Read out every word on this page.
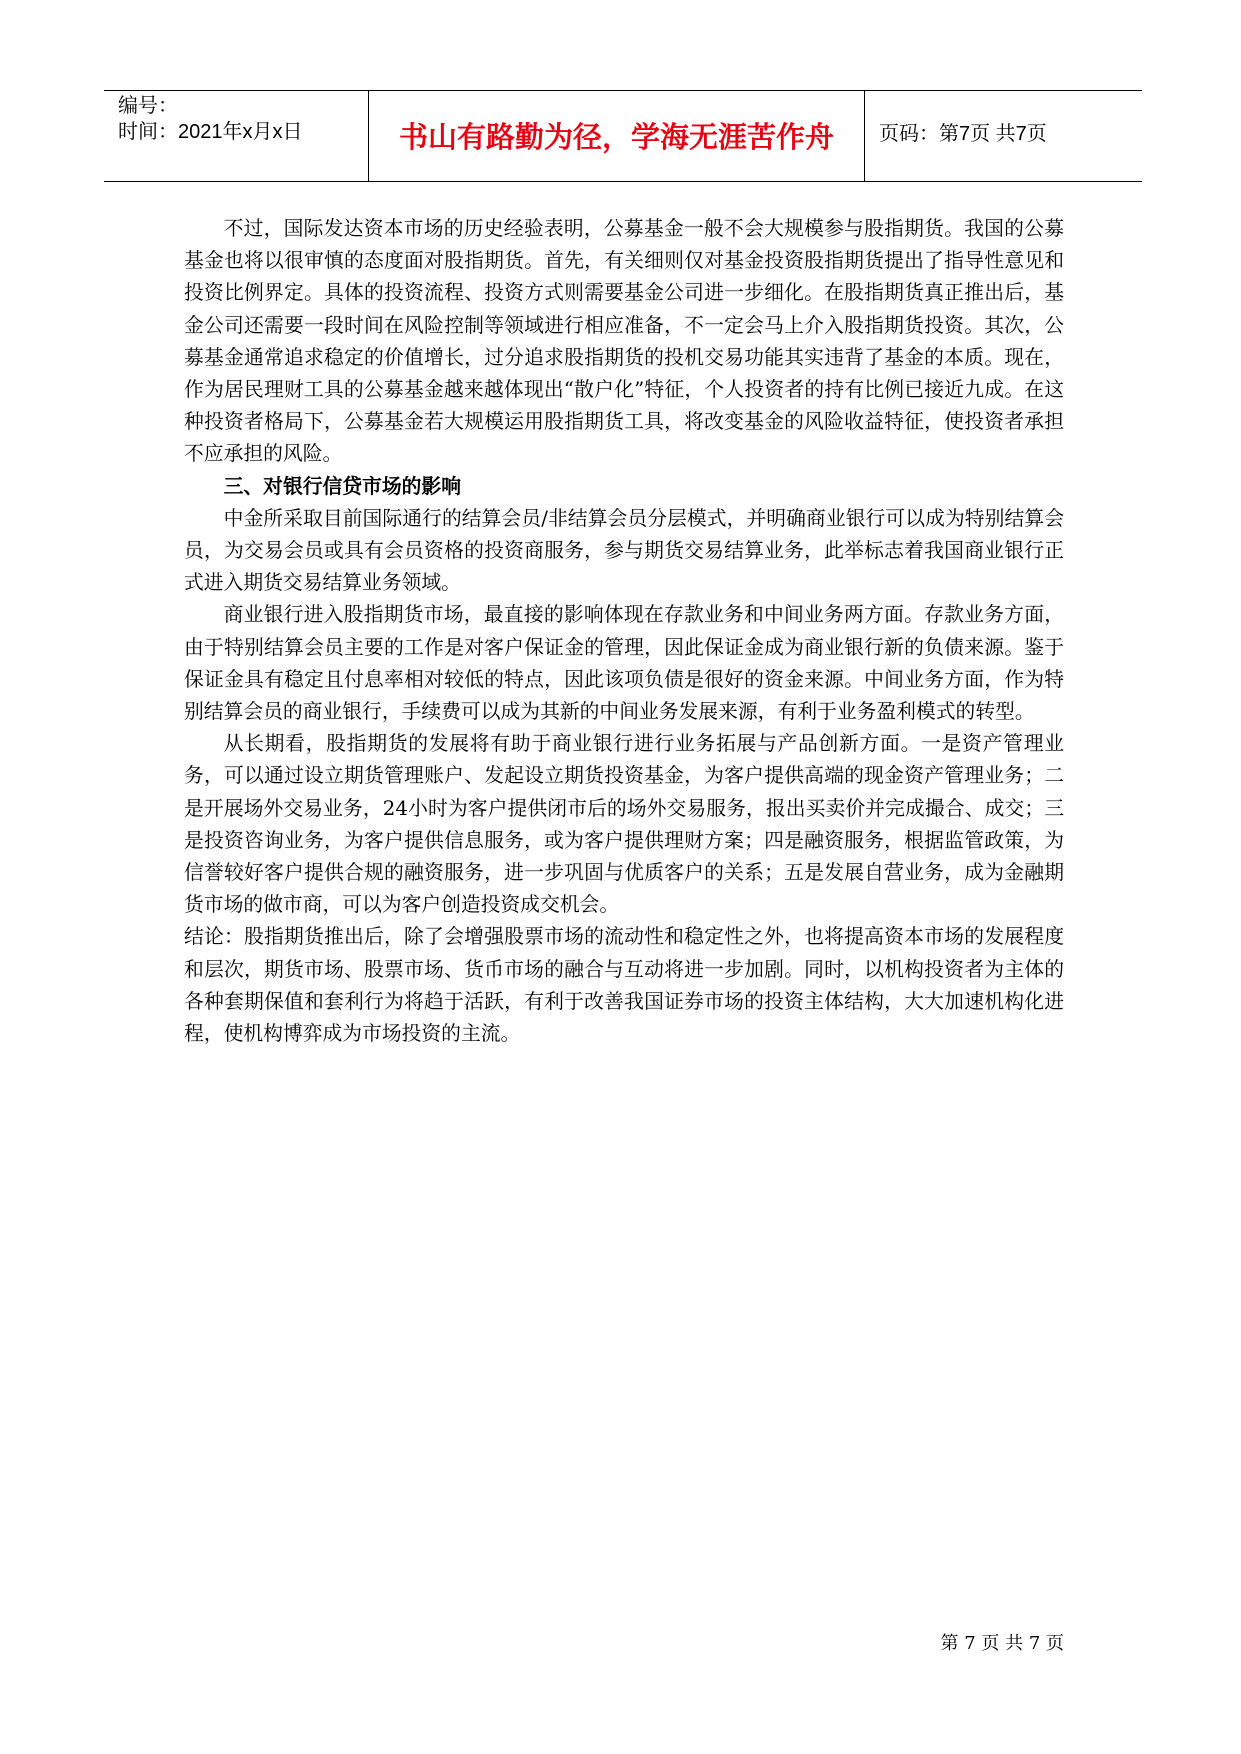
编号：
时间：2021年x月x日	书山有路勤为径，学海无涯苦作舟	页码：第7页 共7页

不过，国际发达资本市场的历史经验表明，公募基金一般不会大规模参与股指期货。我国的公募基金也将以很审慎的态度面对股指期货。首先，有关细则仅对基金投资股指期货提出了指导性意见和投资比例界定。具体的投资流程、投资方式则需要基金公司进一步细化。在股指期货真正推出后，基金公司还需要一段时间在风险控制等领域进行相应准备，不一定会马上介入股指期货投资。其次，公募基金通常追求稳定的价值增长，过分追求股指期货的投机交易功能其实违背了基金的本质。现在，作为居民理财工具的公募基金越来越体现出“散户化”特征，个人投资者的持有比例已接近九成。在这种投资者格局下，公募基金若大规模运用股指期货工具，将改变基金的风险收益特征，使投资者承担不应承担的风险。

三、对银行信贷市场的影响

中金所采取目前国际通行的结算会员/非结算会员分层模式，并明确商业银行可以成为特别结算会员，为交易会员或具有会员资格的投资商服务，参与期货交易结算业务，此举标志着我国商业银行正式进入期货交易结算业务领域。

商业银行进入股指期货市场，最直接的影响体现在存款业务和中间业务两方面。存款业务方面，由于特别结算会员主要的工作是对客户保证金的管理，因此保证金成为商业银行新的负债来源。鉴于保证金具有稳定且付息率相对较低的特点，因此该项负债是很好的资金来源。中间业务方面，作为特别结算会员的商业银行，手续费可以成为其新的中间业务发展来源，有利于业务盈利模式的转型。

从长期看，股指期货的发展将有助于商业银行进行业务拓展与产品创新方面。一是资产管理业务，可以通过设立期货管理账户、发起设立期货投资基金，为客户提供高端的现金资产管理业务；二是开展场外交易业务，24小时为客户提供闭市后的场外交易服务，报出买卖价并完成撮合、成交；三是投资咨询业务，为客户提供信息服务，或为客户提供理财方案；四是融资服务，根据监管政策，为信誉较好客户提供合规的融资服务，进一步巩固与优质客户的关系；五是发展自营业务，成为金融期货市场的做市商，可以为客户创造投资成交机会。

结论：股指期货推出后，除了会增强股票市场的流动性和稳定性之外，也将提高资本市场的发展程度和层次，期货市场、股票市场、货币市场的融合与互动将进一步加剧。同时，以机构投资者为主体的各种套期保值和套利行为将趋于活跃，有利于改善我国证券市场的投资主体结构，大大加速机构化进程，使机构博弈成为市场投资的主流。

第 7 页 共 7 页
